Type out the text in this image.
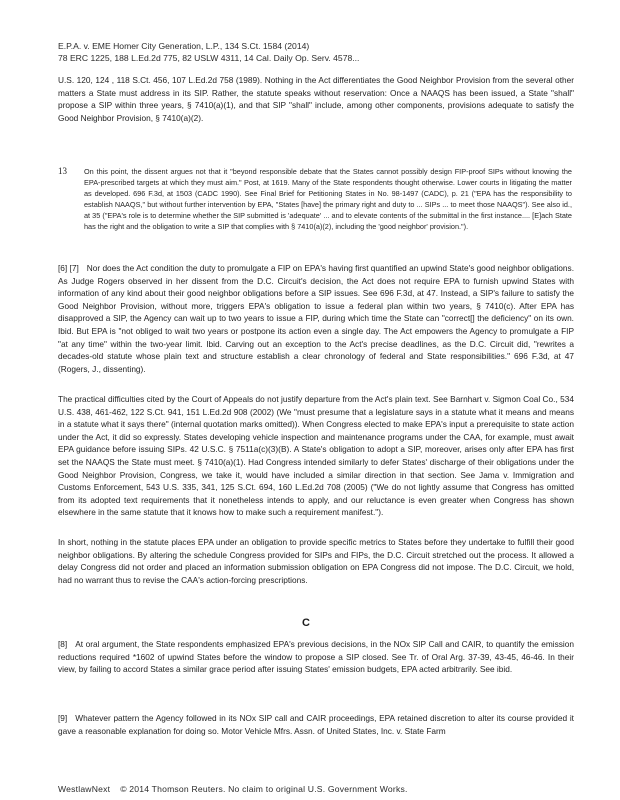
E.P.A. v. EME Homer City Generation, L.P., 134 S.Ct. 1584 (2014)
78 ERC 1225, 188 L.Ed.2d 775, 82 USLW 4311, 14 Cal. Daily Op. Serv. 4578...
U.S. 120, 124 , 118 S.Ct. 456, 107 L.Ed.2d 758 (1989). Nothing in the Act differentiates the Good Neighbor Provision from the several other matters a State must address in its SIP. Rather, the statute speaks without reservation: Once a NAAQS has been issued, a State "shall" propose a SIP within three years, § 7410(a)(1), and that SIP "shall" include, among other components, provisions adequate to satisfy the Good Neighbor Provision, § 7410(a)(2).
13 On this point, the dissent argues not that it "beyond responsible debate that the States cannot possibly design FIP-proof SIPs without knowing the EPA-prescribed targets at which they must aim." Post, at 1619. Many of the State respondents thought otherwise. Lower courts in litigating the matter as developed. 696 F.3d, at 1503 (CADC 1990). See Final Brief for Petitioning States in No. 98-1497 (CADC), p. 21 ("EPA has the responsibility to establish NAAQS," but without further intervention by EPA, "States [have] the primary right and duty to ... SIPs ... to meet those NAAQS"). See also id., at 35 ("EPA's role is to determine whether the SIP submitted is 'adequate' ... and to elevate contents of the submittal in the first instance.... [E]ach State has the right and the obligation to write a SIP that complies with § 7410(a)(2), including the 'good neighbor' provision.").
[6] [7] Nor does the Act condition the duty to promulgate a FIP on EPA's having first quantified an upwind State's good neighbor obligations. As Judge Rogers observed in her dissent from the D.C. Circuit's decision, the Act does not require EPA to furnish upwind States with information of any kind about their good neighbor obligations before a SIP issues. See 696 F.3d, at 47. Instead, a SIP's failure to satisfy the Good Neighbor Provision, without more, triggers EPA's obligation to issue a federal plan within two years, § 7410(c). After EPA has disapproved a SIP, the Agency can wait up to two years to issue a FIP, during which time the State can "correct[] the deficiency" on its own. Ibid. But EPA is "not obliged to wait two years or postpone its action even a single day. The Act empowers the Agency to promulgate a FIP "at any time" within the two-year limit. Ibid. Carving out an exception to the Act's precise deadlines, as the D.C. Circuit did, "rewrites a decades-old statute whose plain text and structure establish a clear chronology of federal and State responsibilities." 696 F.3d, at 47 (Rogers, J., dissenting).
The practical difficulties cited by the Court of Appeals do not justify departure from the Act's plain text. See Barnhart v. Sigmon Coal Co., 534 U.S. 438, 461-462, 122 S.Ct. 941, 151 L.Ed.2d 908 (2002) (We "must presume that a legislature says in a statute what it means and means in a statute what it says there" (internal quotation marks omitted)). When Congress elected to make EPA's input a prerequisite to state action under the Act, it did so expressly. States developing vehicle inspection and maintenance programs under the CAA, for example, must await EPA guidance before issuing SIPs. 42 U.S.C. § 7511a(c)(3)(B). A State's obligation to adopt a SIP, moreover, arises only after EPA has first set the NAAQS the State must meet. § 7410(a)(1). Had Congress intended similarly to defer States' discharge of their obligations under the Good Neighbor Provision, Congress, we take it, would have included a similar direction in that section. See Jama v. Immigration and Customs Enforcement, 543 U.S. 335, 341, 125 S.Ct. 694, 160 L.Ed.2d 708 (2005) ("We do not lightly assume that Congress has omitted from its adopted text requirements that it nonetheless intends to apply, and our reluctance is even greater when Congress has shown elsewhere in the same statute that it knows how to make such a requirement manifest.").
In short, nothing in the statute places EPA under an obligation to provide specific metrics to States before they undertake to fulfill their good neighbor obligations. By altering the schedule Congress provided for SIPs and FIPs, the D.C. Circuit stretched out the process. It allowed a delay Congress did not order and placed an information submission obligation on EPA Congress did not impose. The D.C. Circuit, we hold, had no warrant thus to revise the CAA's action-forcing prescriptions.
C
[8] At oral argument, the State respondents emphasized EPA's previous decisions, in the NOx SIP Call and CAIR, to quantify the emission reductions required *1602 of upwind States before the window to propose a SIP closed. See Tr. of Oral Arg. 37-39, 43-45, 46-46. In their view, by failing to accord States a similar grace period after issuing States' emission budgets, EPA acted arbitrarily. See ibid.
[9] Whatever pattern the Agency followed in its NOx SIP call and CAIR proceedings, EPA retained discretion to alter its course provided it gave a reasonable explanation for doing so. Motor Vehicle Mfrs. Assn. of United States, Inc. v. State Farm
WestlawNext © 2014 Thomson Reuters. No claim to original U.S. Government Works.
